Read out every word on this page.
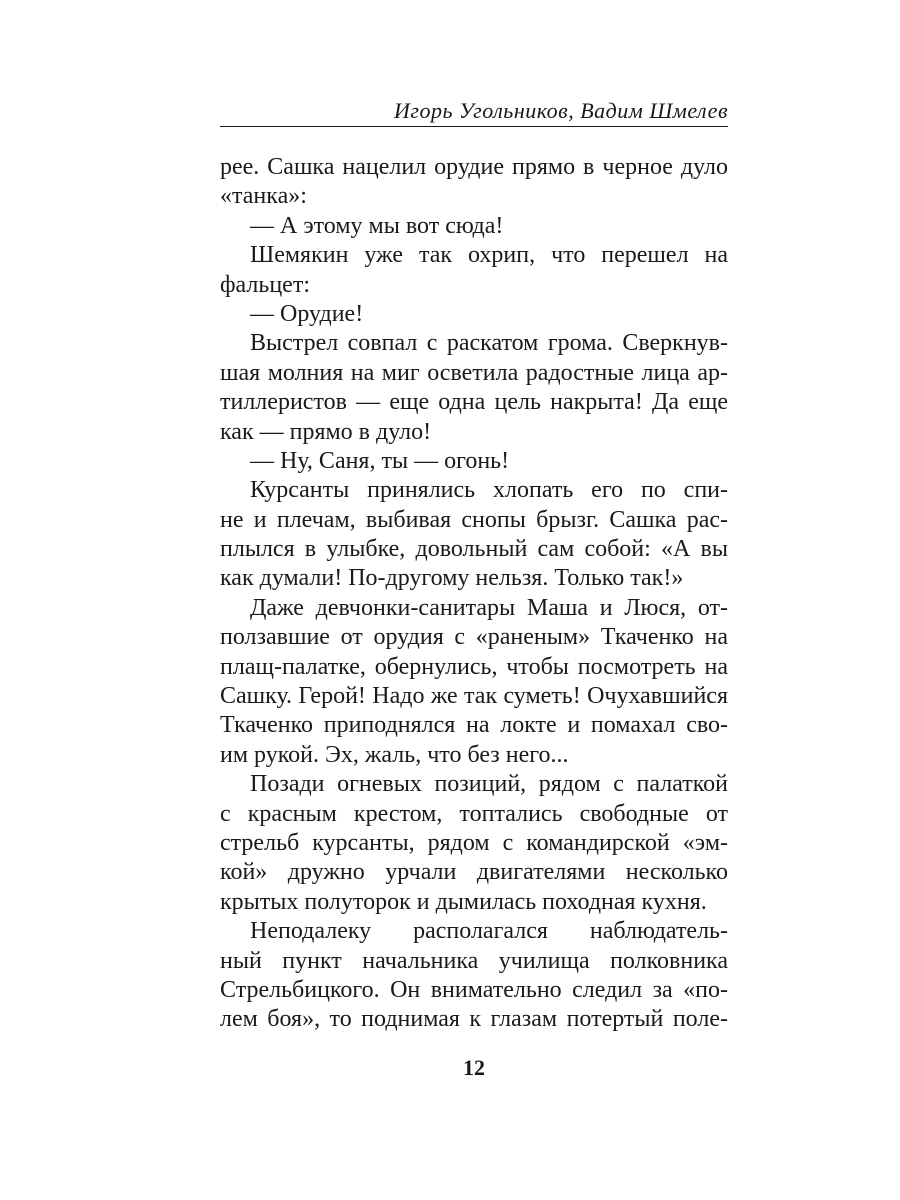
Игорь Угольников, Вадим Шмелев
рее. Сашка нацелил орудие прямо в черное дуло
«танка»:
— А этому мы вот сюда!
Шемякин уже так охрип, что перешел на
фальцет:
— Орудие!
Выстрел совпал с раскатом грома. Сверкнув-
шая молния на миг осветила радостные лица ар-
тиллеристов — еще одна цель накрыта! Да еще
как — прямо в дуло!
— Ну, Саня, ты — огонь!
Курсанты принялись хлопать его по спи-
не и плечам, выбивая снопы брызг. Сашка рас-
плылся в улыбке, довольный сам собой: «А вы
как думали! По-другому нельзя. Только так!»
Даже девчонки-санитары Маша и Люся, от-
ползавшие от орудия с «раненым» Ткаченко на
плащ-палатке, обернулись, чтобы посмотреть на
Сашку. Герой! Надо же так суметь! Очухавшийся
Ткаченко приподнялся на локте и помахал сво-
им рукой. Эх, жаль, что без него...
Позади огневых позиций, рядом с палаткой
с красным крестом, топтались свободные от
стрельб курсанты, рядом с командирской «эм-
кой» дружно урчали двигателями несколько
крытых полуторок и дымилась походная кухня.
Неподалеку располагался наблюдатель-
ный пункт начальника училища полковника
Стрельбицкого. Он внимательно следил за «по-
лем боя», то поднимая к глазам потертый поле-
12
